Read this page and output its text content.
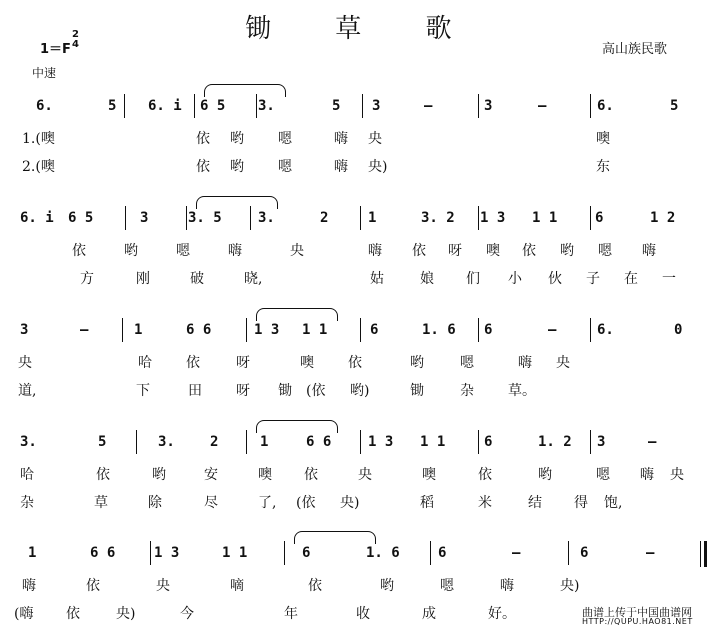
锄 草 歌
1＝F
2
4
中速
高山族民歌
6.	5 6. i 6 5 3.	5 3	–	3	–	6.	5
1.(噢	依 哟 嗯	嗨 央	噢
2.(噢	依 哟 嗯	嗨 央)	东
6. i 6 5	3	3. 5	3.	2	1	3. 2 1 3 1 1	6	1 2
依	哟	嗯	嗨	央	嗨 依 呀 噢 依 哟 嗯 嗨
方	刚	破	晓,	姑	娘 们 小 伙 子 在 一
3	–	1	6 6	1 3 1 1	6	1. 6 6	–	6.	0
央	哈 依	呀	噢 依	哟	嗯	嗨 央
道,	下	田 呀 锄 (依 哟)	锄	杂 草。
3.	5	3.	2	1	6 6	1 3 1 1	6	1. 2 3	–
哈	依	哟	安	噢 依	央	噢	依	哟	嗯 嗨 央
杂	草	除	尽	了, (依 央)	稻	米	结 得 饱,
1	6 6	1 3	1 1	6	1. 6	6	–	6	–
嗨	依	央	嘀	依	哟	嗯	嗨	央)
(嗨 依	央)	今	年	收	成	好。	曲谱上传于中国曲谱网
HTTP://QUPU.HAO81.NET
